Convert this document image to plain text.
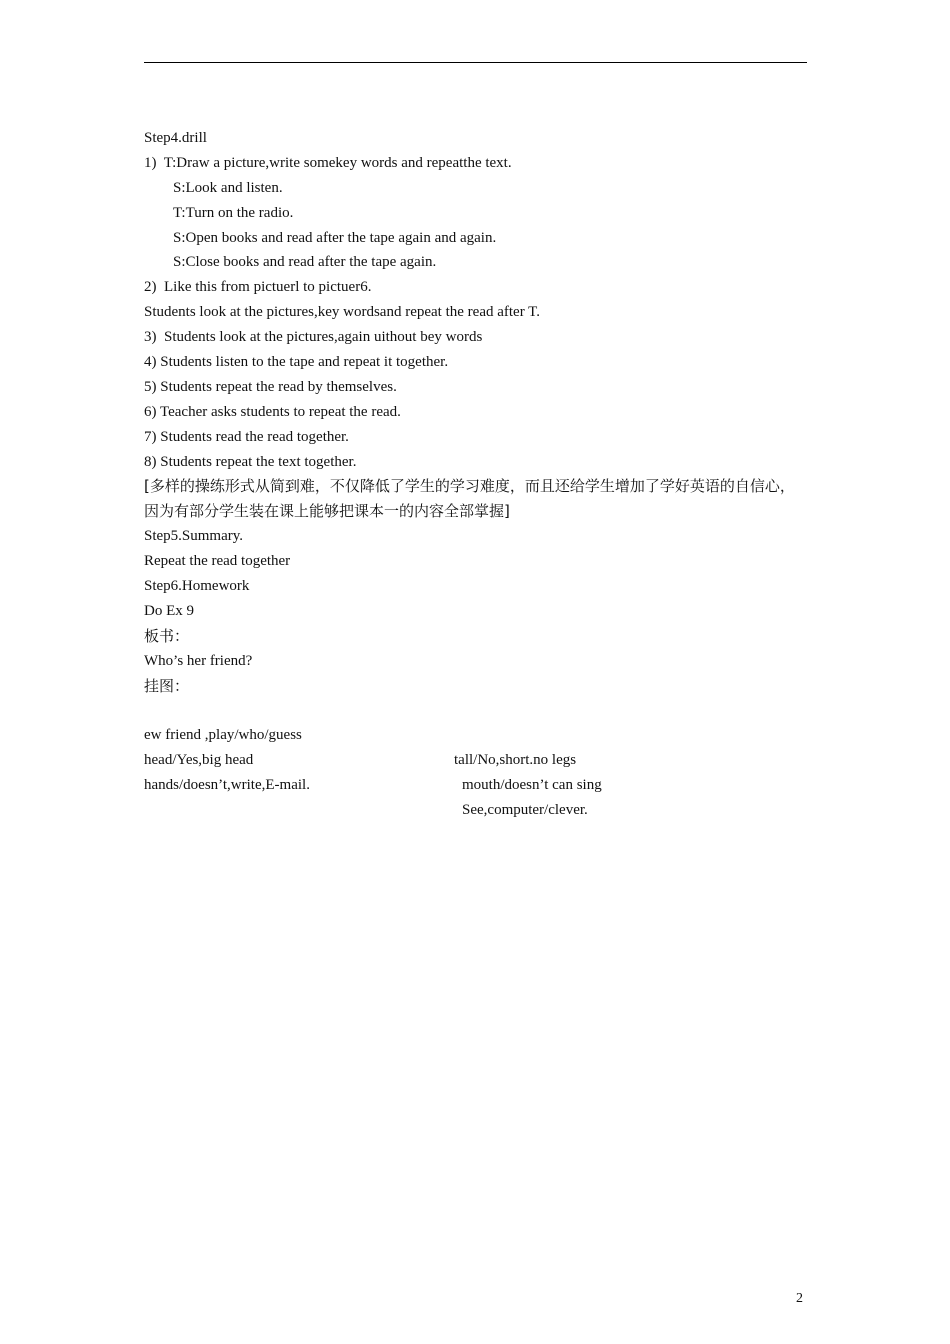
Step4.drill
1)  T:Draw a picture,write somekey words and repeatthe text.
S:Look and listen.
T:Turn on the radio.
S:Open books and read after the tape again and again.
S:Close books and read after the tape again.
2)  Like this from pictuerl to pictuer6.
Students look at the pictures,key wordsand repeat the read after T.
3)  Students look at the pictures,again uithout bey words
4) Students listen to the tape and repeat it together.
5) Students repeat the read by themselves.
6) Teacher asks students to repeat the read.
7) Students read the read together.
8) Students repeat the text together.
[多样的操练形式从简到难，不仅降低了学生的学习难度，而且还给学生增加了学好英语的自信心，因为有部分学生装在课上能够把课本一的内容全部掌握]
Step5.Summary.
Repeat the read together
Step6.Homework
Do Ex 9
板书：
Who’s her friend?
挂图：

ew friend ,play/who/guess

tall/No,short.no legs

head/Yes,big head

mouth/doesn’t can sing

hands/doesn’t,write,E-mail.

See,computer/clever.

2
